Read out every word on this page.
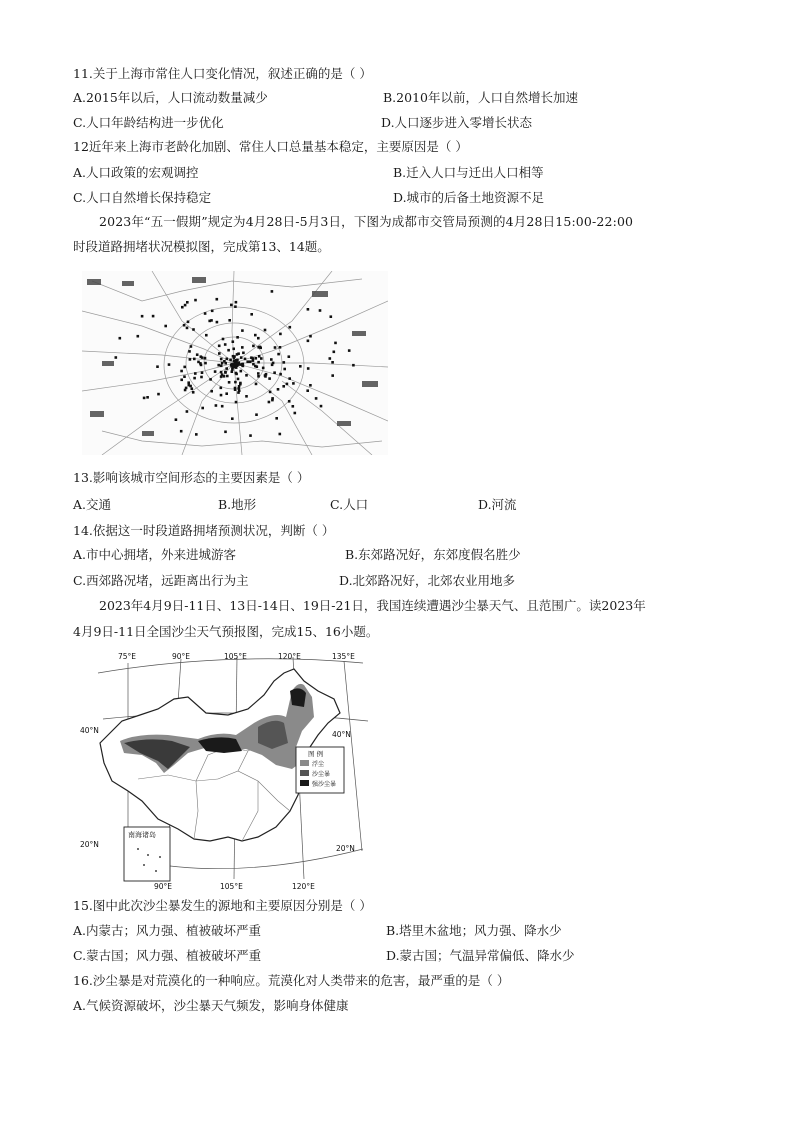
11.关于上海市常住人口变化情况，叙述正确的是（ ）
A.2015年以后，人口流动数量减少	B.2010年以前，人口自然增长加速
C.人口年龄结构进一步优化	D.人口逐步进入零增长状态
12近年来上海市老龄化加剧、常住人口总量基本稳定，主要原因是（ ）
A.人口政策的宏观调控	B.迁入人口与迁出人口相等
C.人口自然增长保持稳定	D.城市的后备土地资源不足
2023年“五一假期”规定为4月28日-5月3日，下图为成都市交管局预测的4月28日15:00-22:00
时段道路拥堵状况模拟图，完成第13、14题。
13.影响该城市空间形态的主要因素是（ ）
A.交通	B.地形	C.人口	D.河流
14.依据这一时段道路拥堵预测状况，判断（ ）
A.市中心拥堵，外来进城游客	B.东郊路况好，东郊度假名胜少
C.西郊路况堵，远距离出行为主	D.北郊路况好，北郊农业用地多
2023年4月9日-11日、13日-14日、19日-21日，我国连续遭遇沙尘暴天气、且范围广。读2023年
4月9日-11日全国沙尘天气预报图，完成15、16小题。
南海诸岛
图 例
浮尘
沙尘暴
强沙尘暴
75°E	90°E	105°E	120°E	135°E
90°E	105°E	120°E
40°N
20°N
40°N
20°N
15.图中此次沙尘暴发生的源地和主要原因分别是（ ）
A.内蒙古；风力强、植被破坏严重	B.塔里木盆地；风力强、降水少
C.蒙古国；风力强、植被破坏严重	D.蒙古国；气温异常偏低、降水少
16.沙尘暴是对荒漠化的一种响应。荒漠化对人类带来的危害，最严重的是（ ）
A.气候资源破坏，沙尘暴天气频发，影响身体健康
